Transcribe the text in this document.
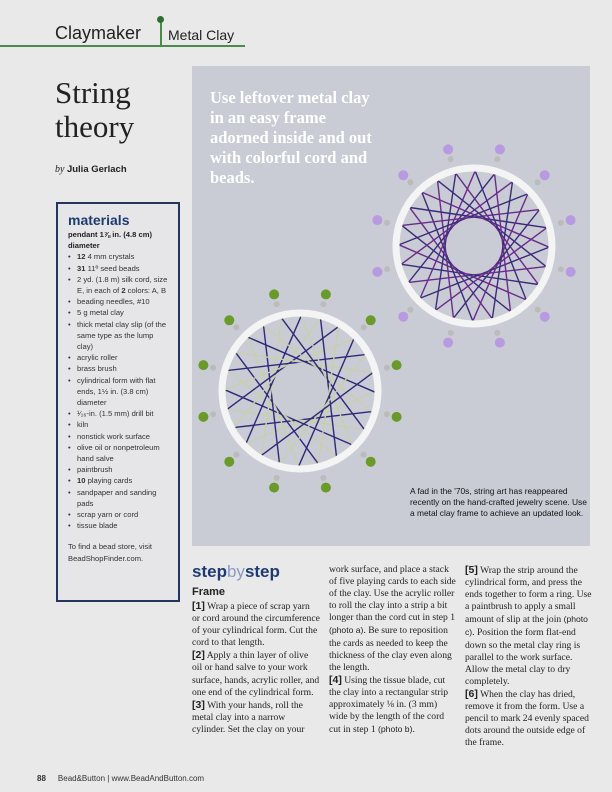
Claymaker Metal Clay
String
theory
by Julia Gerlach
materials
pendant 1⅞ in. (4.8 cm) diameter
• 12 4 mm crystals
• 31 11º seed beads
• 2 yd. (1.8 m) silk cord, size E, in each of 2 colors: A, B
• beading needles, #10
• 5 g metal clay
• thick metal clay slip (of the same type as the lump clay)
• acrylic roller
• brass brush
• cylindrical form with flat ends, 1½ in. (3.8 cm) diameter
• ¹⁄₁₆-in. (1.5 mm) drill bit
• kiln
• nonstick work surface
• olive oil or nonpetroleum hand salve
• paintbrush
• 10 playing cards
• sandpaper and sanding pads
• scrap yarn or cord
• tissue blade
To find a bead store, visit BeadShopFinder.com.
Use leftover metal clay in an easy frame adorned inside and out with colorful cord and beads.
A fad in the '70s, string art has reappeared recently on the hand-crafted jewelry scene. Use a metal clay frame to achieve an updated look.
stepbystep
Frame
[1] Wrap a piece of scrap yarn or cord around the circumference of your cylindrical form. Cut the cord to that length.
[2] Apply a thin layer of olive oil or hand salve to your work surface, hands, acrylic roller, and one end of the cylindrical form.
[3] With your hands, roll the metal clay into a narrow cylinder. Set the clay on your
work surface, and place a stack of five playing cards to each side of the clay. Use the acrylic roller to roll the clay into a strip a bit longer than the cord cut in step 1 (photo a). Be sure to reposition the cards as needed to keep the thickness of the clay even along the length.
[4] Using the tissue blade, cut the clay into a rectangular strip approximately ⅛ in. (3 mm) wide by the length of the cord cut in step 1 (photo b).
[5] Wrap the strip around the cylindrical form, and press the ends together to form a ring. Use a paintbrush to apply a small amount of slip at the join (photo c). Position the form flat-end down so the metal clay ring is parallel to the work surface. Allow the metal clay to dry completely.
[6] When the clay has dried, remove it from the form. Use a pencil to mark 24 evenly spaced dots around the outside edge of the frame.
88 Bead&Button | www.BeadAndButton.com
